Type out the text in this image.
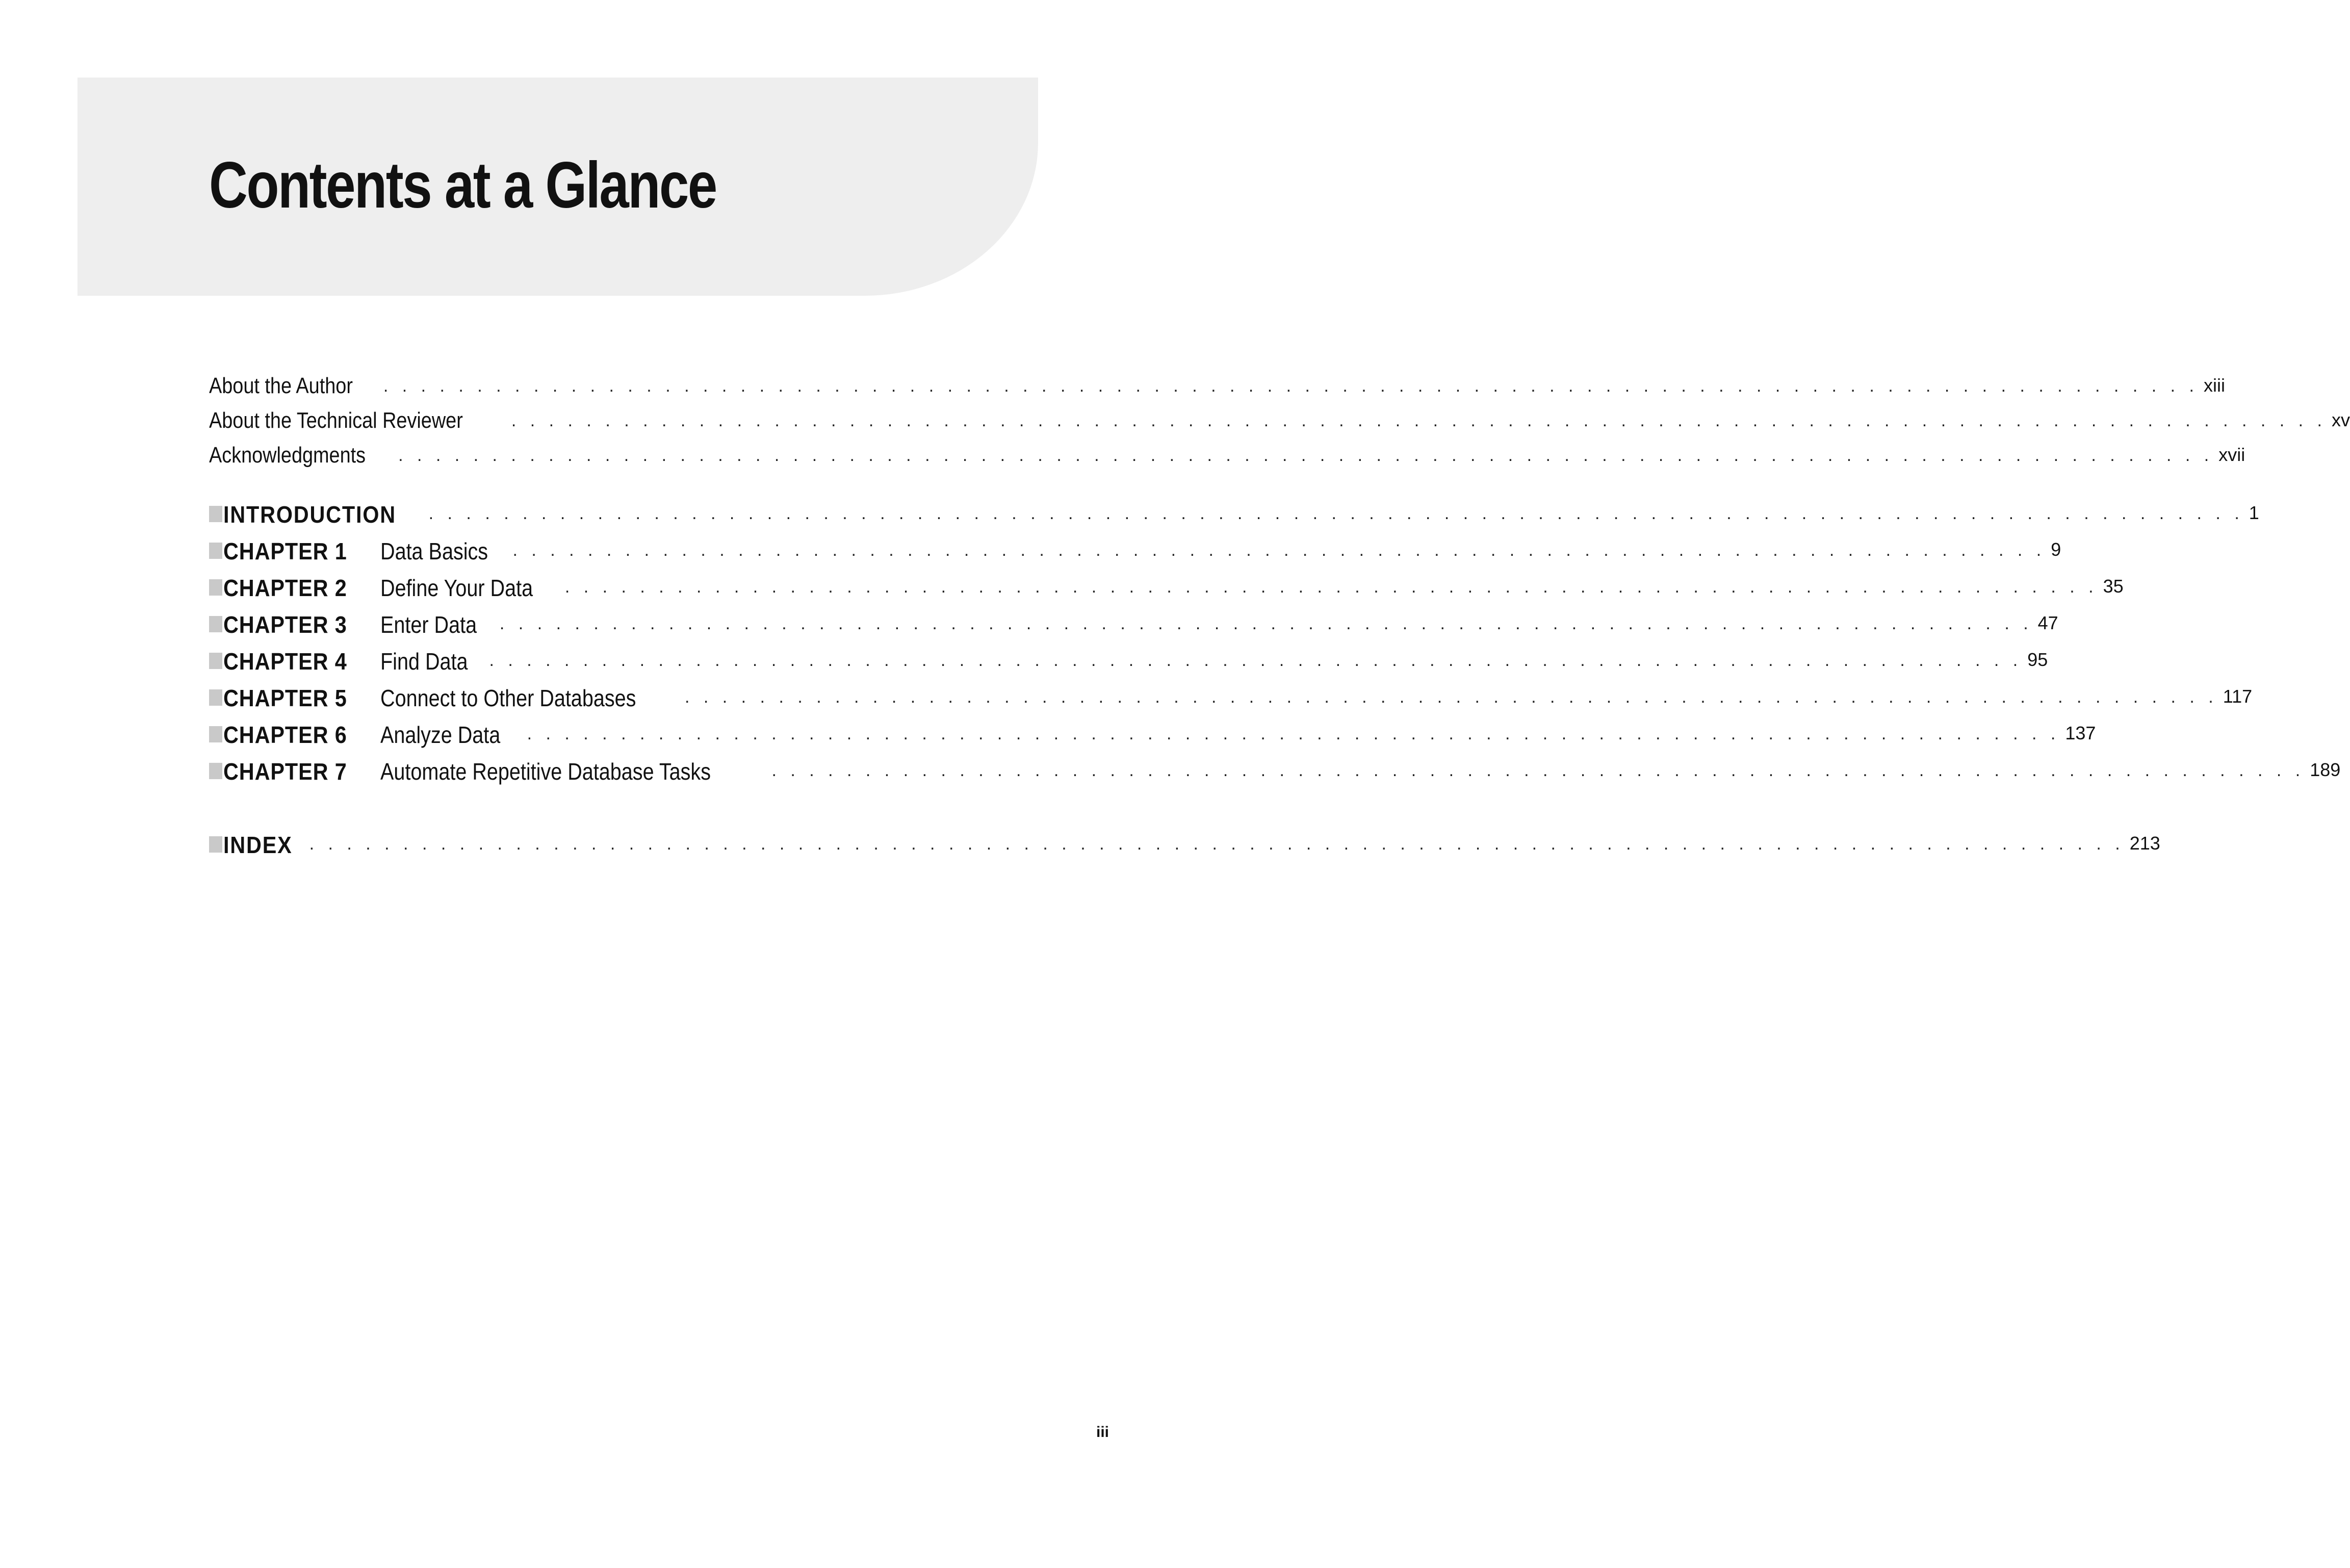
Contents at a Glance
About the Author . . . . . . . . . . . . . . . . . . . . . . . . . . . . . . . . . . . . . . . . . . . . . . . . . . . . . . . . . . . . . . . . . . . . . . . . . . . . . . . . . . . . . . . . . . . . . . . . . xiii
About the Technical Reviewer	. . . . . . . . . . . . . . . . . . . . . . . . . . . . . . . . . . . . . . . . . . . . . . . . . . . . . . . . . . . . . . . . . . . . . . . . . . . . . . . . . . . . . . . . . . . . . . . . . xv
Acknowledgments . . . . . . . . . . . . . . . . . . . . . . . . . . . . . . . . . . . . . . . . . . . . . . . . . . . . . . . . . . . . . . . . . . . . . . . . . . . . . . . . . . . . . . . . . . . . . . . . . xvii
INTRODUCTION . . . . . . . . . . . . . . . . . . . . . . . . . . . . . . . . . . . . . . . . . . . . . . . . . . . . . . . . . . . . . . . . . . . . . . . . . . . . . . . . . . . . . . . . . . . . . . . . . 1
CHAPTER 1	Data Basics	. . . . . . . . . . . . . . . . . . . . . . . . . . . . . . . . . . . . . . . . . . . . . . . . . . . . . . . . . . . . . . . . . . . . . . . . . . . . . . . . . . 9
CHAPTER 2	Define Your Data	. . . . . . . . . . . . . . . . . . . . . . . . . . . . . . . . . . . . . . . . . . . . . . . . . . . . . . . . . . . . . . . . . . . . . . . . . . . . . . . . . . 35
CHAPTER 3	Enter Data	. . . . . . . . . . . . . . . . . . . . . . . . . . . . . . . . . . . . . . . . . . . . . . . . . . . . . . . . . . . . . . . . . . . . . . . . . . . . . . . . . . 47
CHAPTER 4	Find Data	. . . . . . . . . . . . . . . . . . . . . . . . . . . . . . . . . . . . . . . . . . . . . . . . . . . . . . . . . . . . . . . . . . . . . . . . . . . . . . . . . . 95
CHAPTER 5	Connect to Other Databases	. . . . . . . . . . . . . . . . . . . . . . . . . . . . . . . . . . . . . . . . . . . . . . . . . . . . . . . . . . . . . . . . . . . . . . . . . . . . . . . . . . 117
CHAPTER 6	Analyze Data	. . . . . . . . . . . . . . . . . . . . . . . . . . . . . . . . . . . . . . . . . . . . . . . . . . . . . . . . . . . . . . . . . . . . . . . . . . . . . . . . . . 137
CHAPTER 7	Automate Repetitive Database Tasks	. . . . . . . . . . . . . . . . . . . . . . . . . . . . . . . . . . . . . . . . . . . . . . . . . . . . . . . . . . . . . . . . . . . . . . . . . . . . . . . . . . 189
INDEX . . . . . . . . . . . . . . . . . . . . . . . . . . . . . . . . . . . . . . . . . . . . . . . . . . . . . . . . . . . . . . . . . . . . . . . . . . . . . . . . . . . . . . . . . . . . . . . . . 213
iii
